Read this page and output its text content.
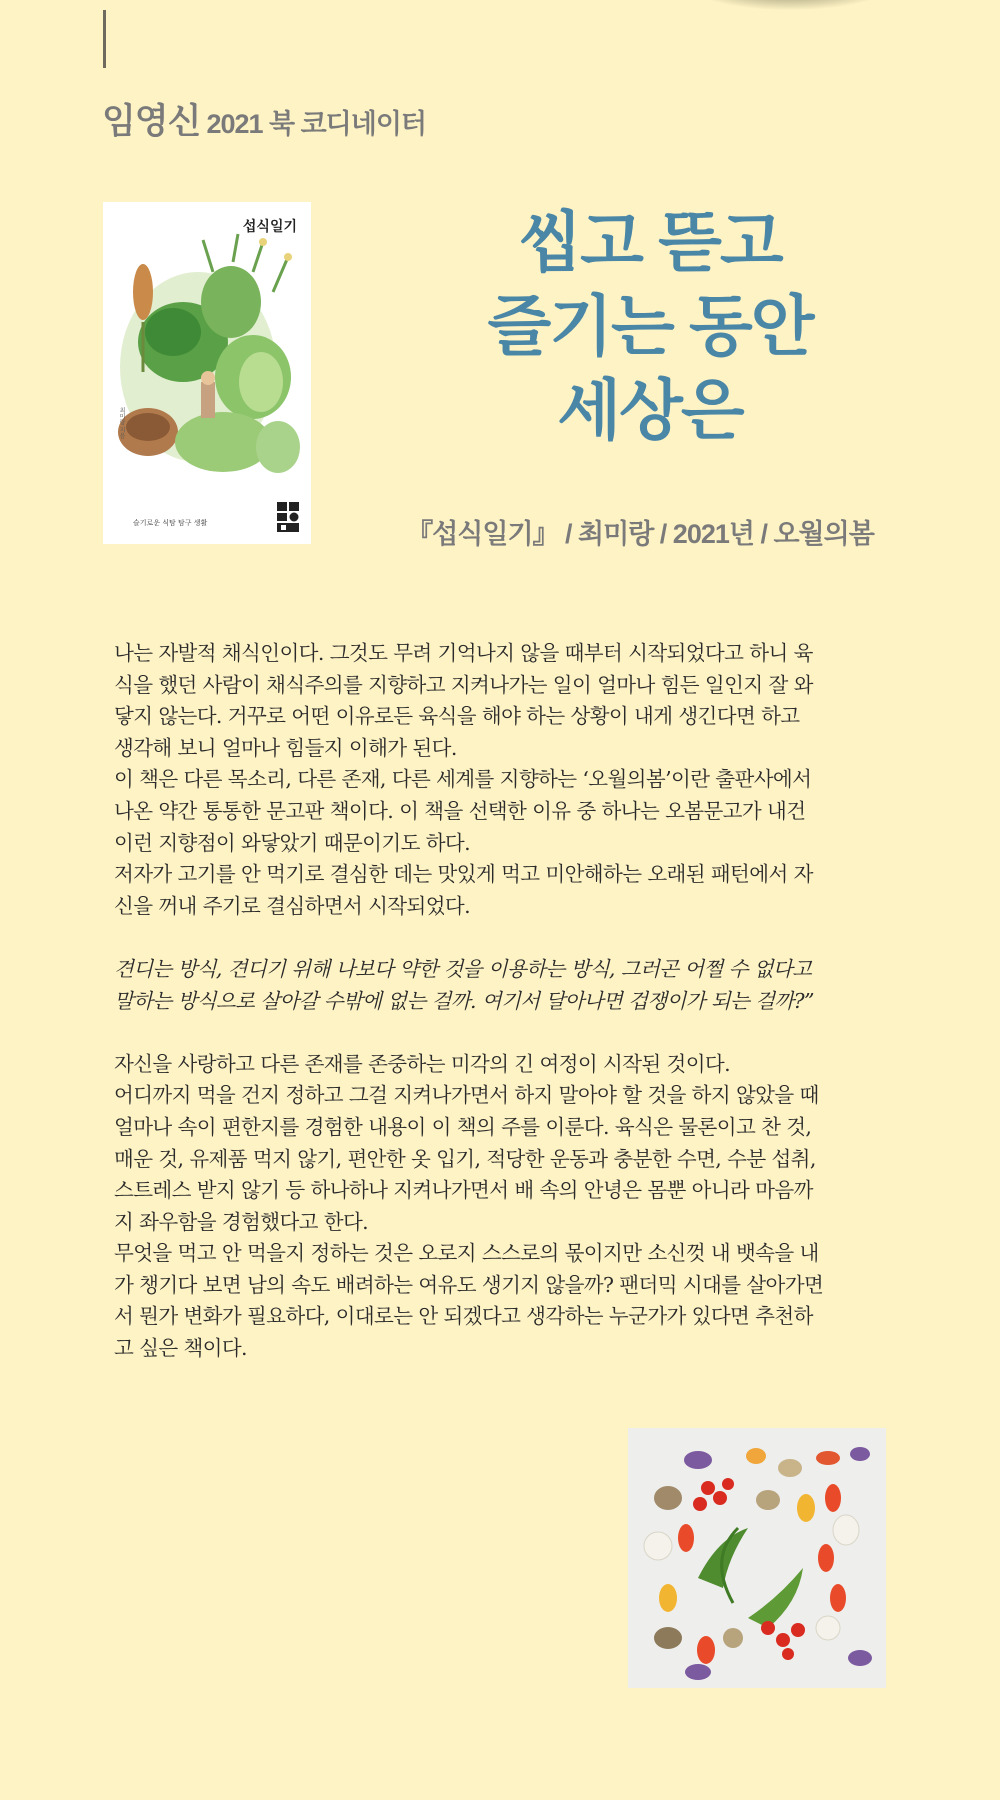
임영신 2021 북 코디네이터
섭식일기
최미랑 지음
슬기로운 식탐 탐구 생활
씹고 뜯고
즐기는 동안
세상은
『섭식일기』 / 최미랑 / 2021년 / 오월의봄

나는 자발적 채식인이다. 그것도 무려 기억나지 않을 때부터 시작되었다고 하니 육

식을 했던 사람이 채식주의를 지향하고 지켜나가는 일이 얼마나 힘든 일인지 잘 와

닿지 않는다. 거꾸로 어떤 이유로든 육식을 해야 하는 상황이 내게 생긴다면 하고

생각해 보니 얼마나 힘들지 이해가 된다.

이 책은 다른 목소리, 다른 존재, 다른 세계를 지향하는 ‘오월의봄’이란 출판사에서

나온 약간 통통한 문고판 책이다. 이 책을 선택한 이유 중 하나는 오봄문고가 내건

이런 지향점이 와닿았기 때문이기도 하다.

저자가 고기를 안 먹기로 결심한 데는 맛있게 먹고 미안해하는 오래된 패턴에서 자

신을 꺼내 주기로 결심하면서 시작되었다.

견디는 방식, 견디기 위해 나보다 약한 것을 이용하는 방식, 그러곤 어쩔 수 없다고

말하는 방식으로 살아갈 수밖에 없는 걸까. 여기서 달아나면 겁쟁이가 되는 걸까?”

자신을 사랑하고 다른 존재를 존중하는 미각의 긴 여정이 시작된 것이다.

어디까지 먹을 건지 정하고 그걸 지켜나가면서 하지 말아야 할 것을 하지 않았을 때

얼마나 속이 편한지를 경험한 내용이 이 책의 주를 이룬다. 육식은 물론이고 찬 것,

매운 것, 유제품 먹지 않기, 편안한 옷 입기, 적당한 운동과 충분한 수면, 수분 섭취,

스트레스 받지 않기 등 하나하나 지켜나가면서 배 속의 안녕은 몸뿐 아니라 마음까

지 좌우함을 경험했다고 한다.

무엇을 먹고 안 먹을지 정하는 것은 오로지 스스로의 몫이지만 소신껏 내 뱃속을 내

가 챙기다 보면 남의 속도 배려하는 여유도 생기지 않을까? 팬더믹 시대를 살아가면

서 뭔가 변화가 필요하다, 이대로는 안 되겠다고 생각하는 누군가가 있다면 추천하

고 싶은 책이다.
